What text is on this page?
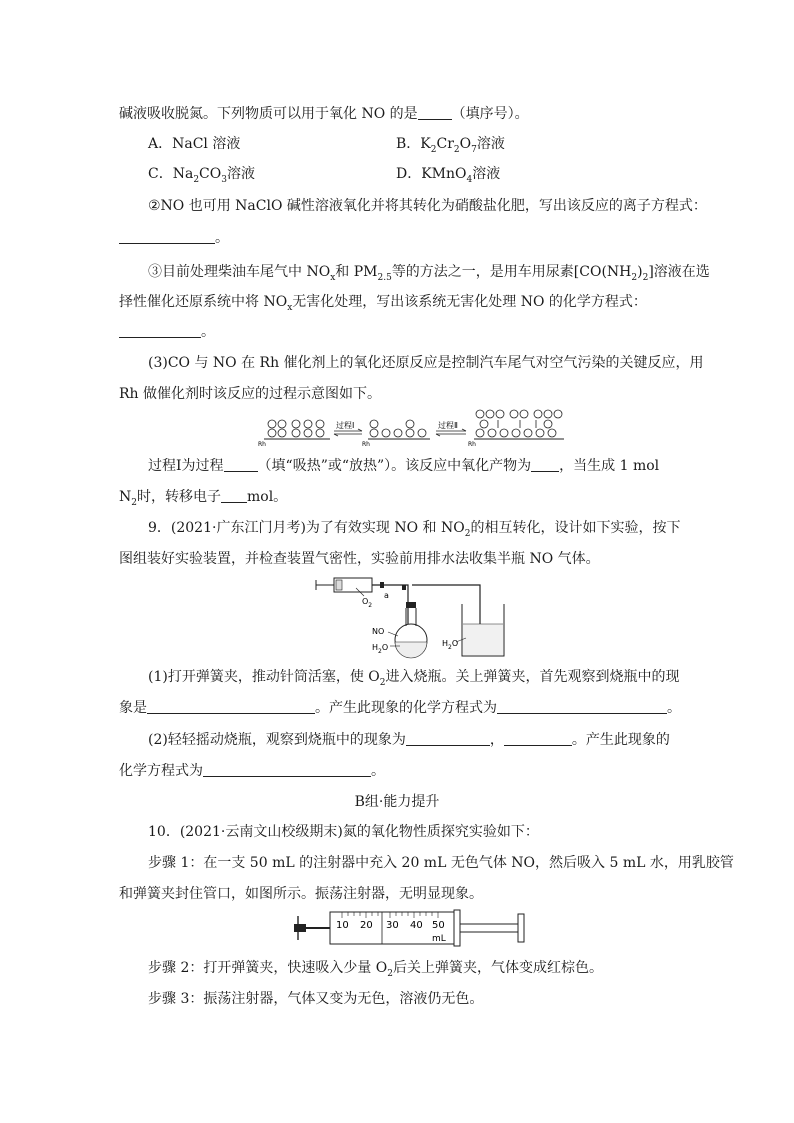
碱液吸收脱氮。下列物质可以用于氧化 NO 的是 （填序号）。
A．NaCl 溶液	B．$K_2Cr_2O_7$溶液
C．$Na_2CO_3$溶液	D．KMnO$_4$溶液
②NO 也可用 NaClO 碱性溶液氧化并将其转化为硝酸盐化肥，写出该反应的离子方程式：
。
③目前处理柴油车尾气中 $NO_x$和 $PM_{2.5}$等的方法之一，是用车用尿素$[CO(NH_2)_2]$溶液在选
择性催化还原系统中将 $NO_x$无害化处理，写出该系统无害化处理 NO 的化学方程式：
。
(3)CO 与 NO 在 Rh 催化剂上的氧化还原反应是控制汽车尾气对空气污染的关键反应，用
Rh 做催化剂时该反应的过程示意图如下。
Rh	Rh	Rh
过程Ⅰ	过程Ⅱ
过程Ⅰ为过程 （填“吸热”或“放热”）。该反应中氧化产物为 ，当生成 1 mol
$N_2$时，转移电子 mol。
9．(2021·广东江门月考)为了有效实现 NO 和 $NO_2$的相互转化，设计如下实验，按下
图组装好实验装置，并检查装置气密性，实验前用排水法收集半瓶 NO 气体。
$O_2$
a
NO
$H_2O$	$H_2O$
(1)打开弹簧夹，推动针筒活塞，使 $O_2$进入烧瓶。关上弹簧夹，首先观察到烧瓶中的现
象是	。产生此现象的化学方程式为	。
(2)轻轻摇动烧瓶，观察到烧瓶中的现象为	，	。产生此现象的
化学方程式为	。
B组·能力提升
10．(2021·云南文山校级期末)氮的氧化物性质探究实验如下：
步骤 1：在一支 50 mL 的注射器中充入 20 mL 无色气体 NO，然后吸入 5 mL 水，用乳胶管
和弹簧夹封住管口，如图所示。振荡注射器，无明显现象。
10 20 30 40 50
mL
步骤 2：打开弹簧夹，快速吸入少量 $O_2$后关上弹簧夹，气体变成红棕色。
步骤 3：振荡注射器，气体又变为无色，溶液仍无色。
